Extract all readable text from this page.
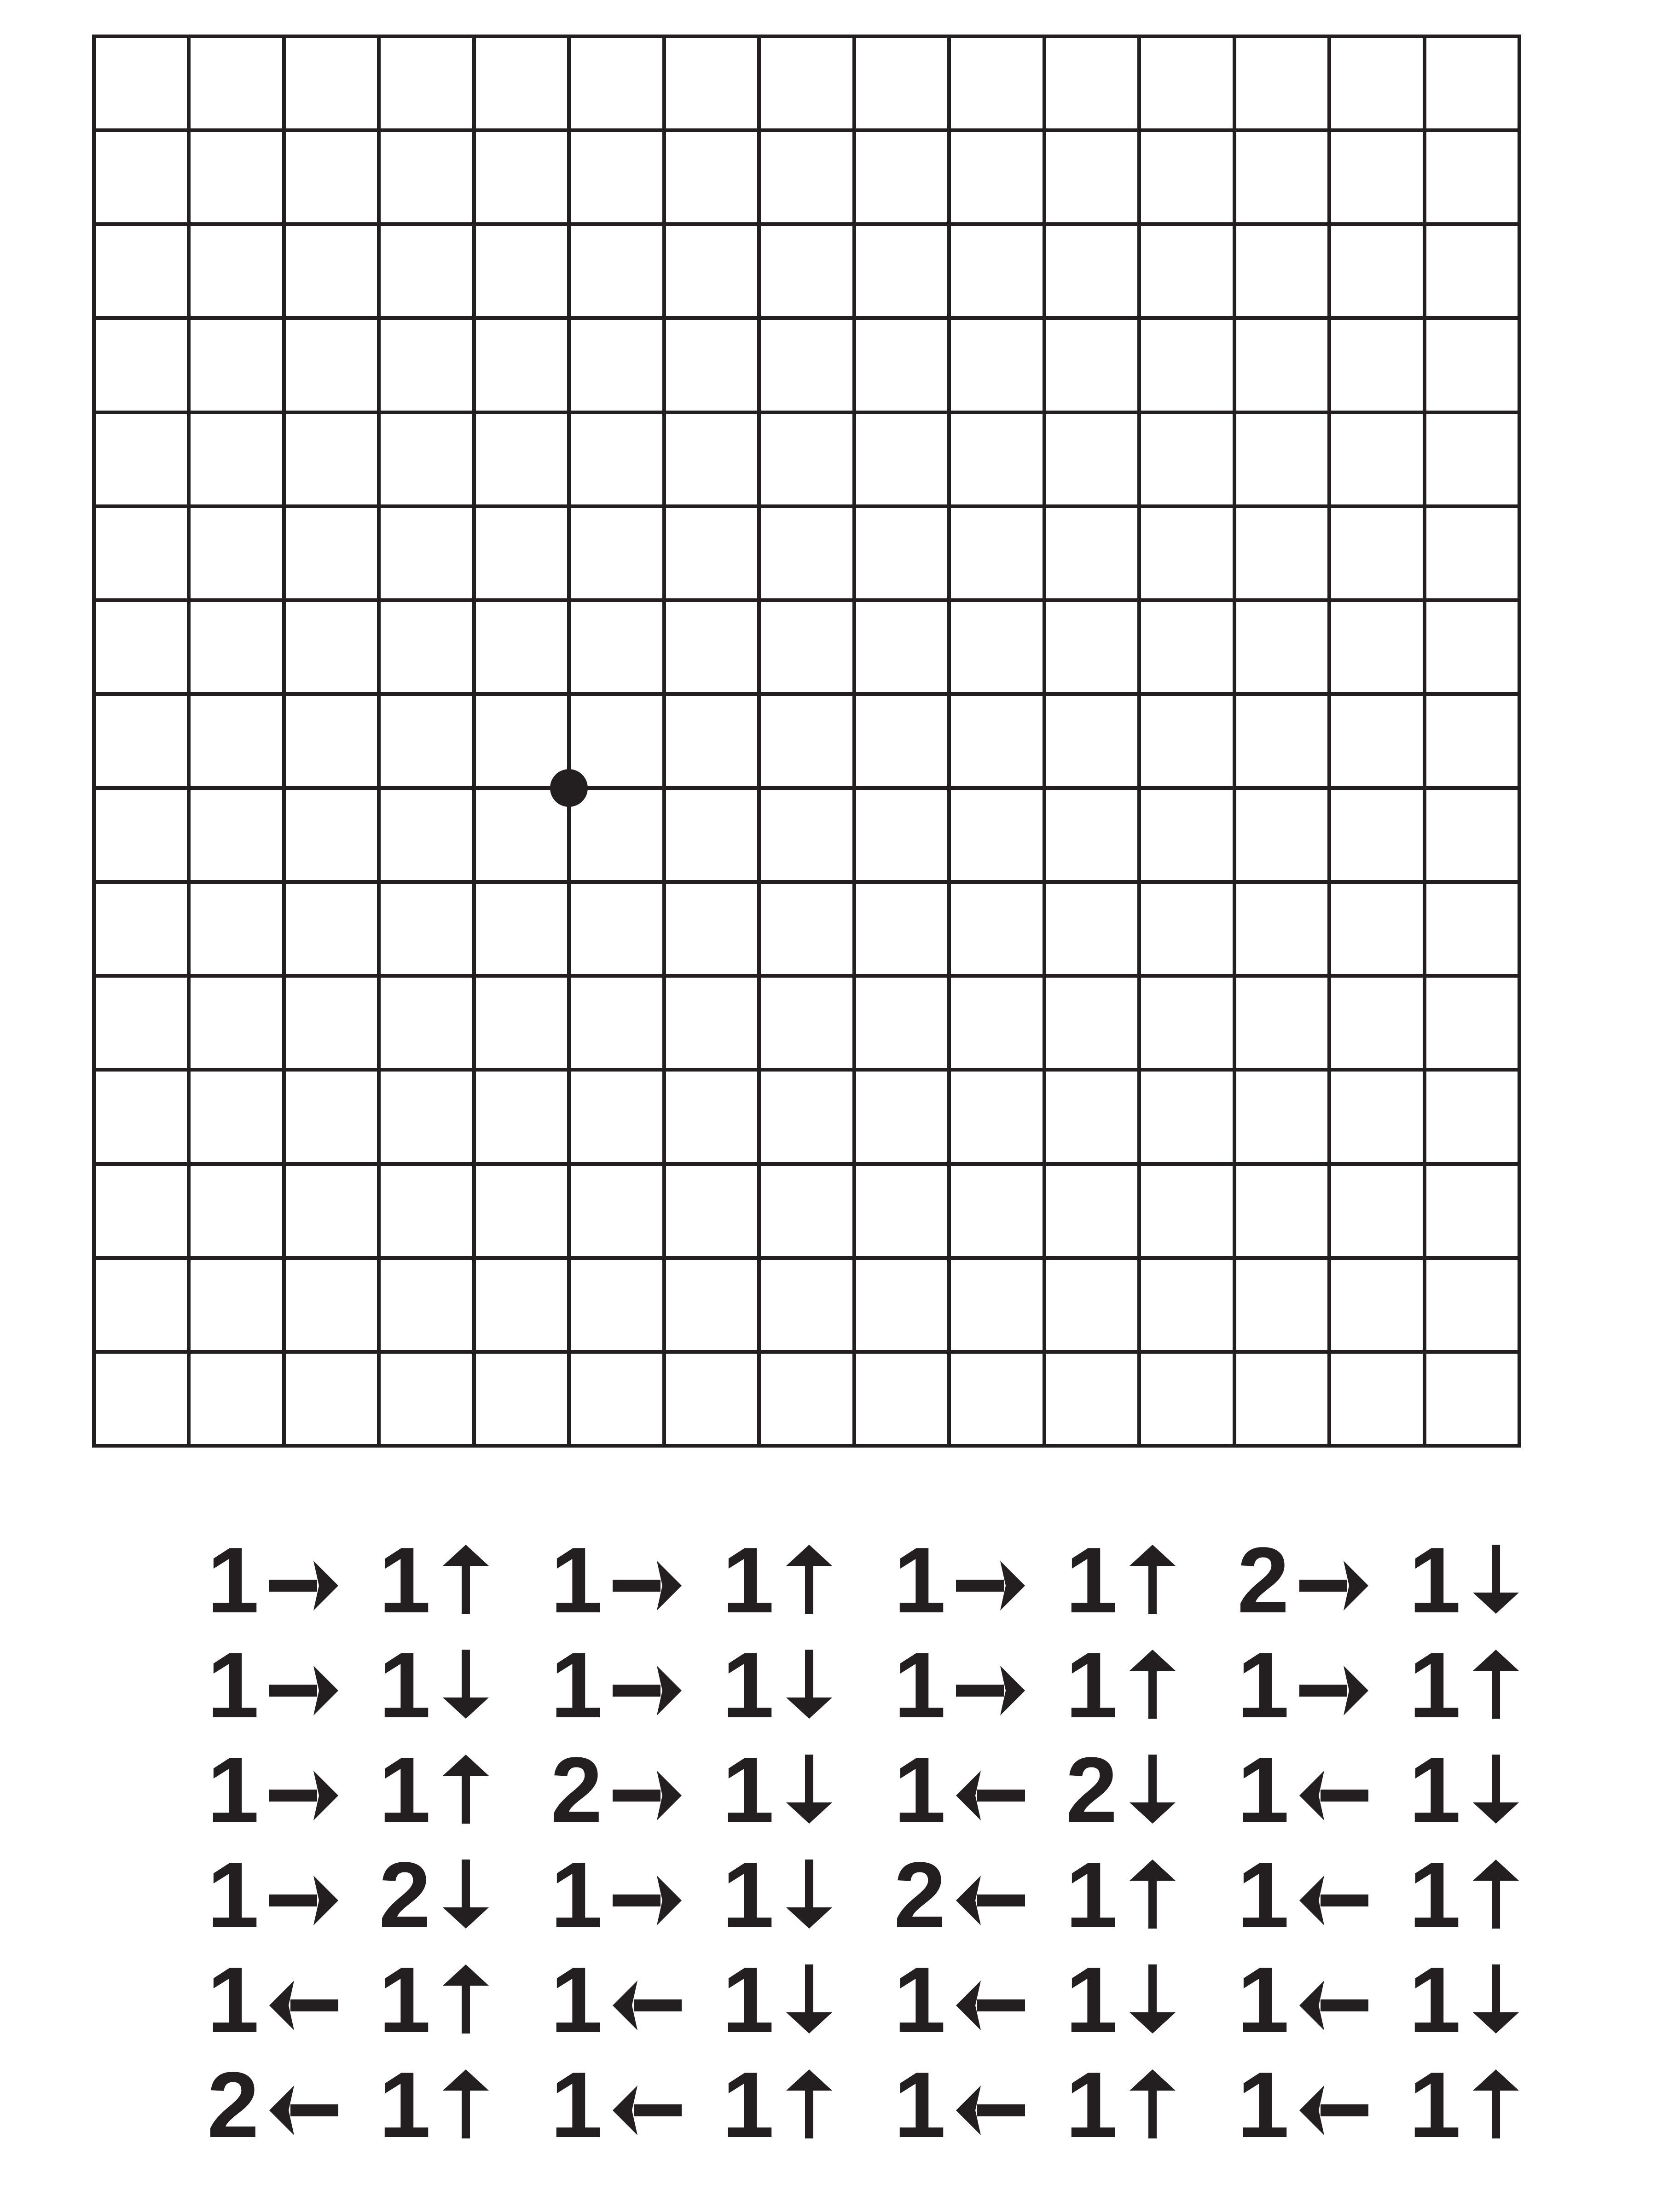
1 1 1 1 1 1 2 1
1 1 1 1 1 1 1 1
1 1 2 1 1 2 1 1
1 2 1 1 2 1 1 1
1 1 1 1 1 1 1 1
2 1 1 1 1 1 1 1
